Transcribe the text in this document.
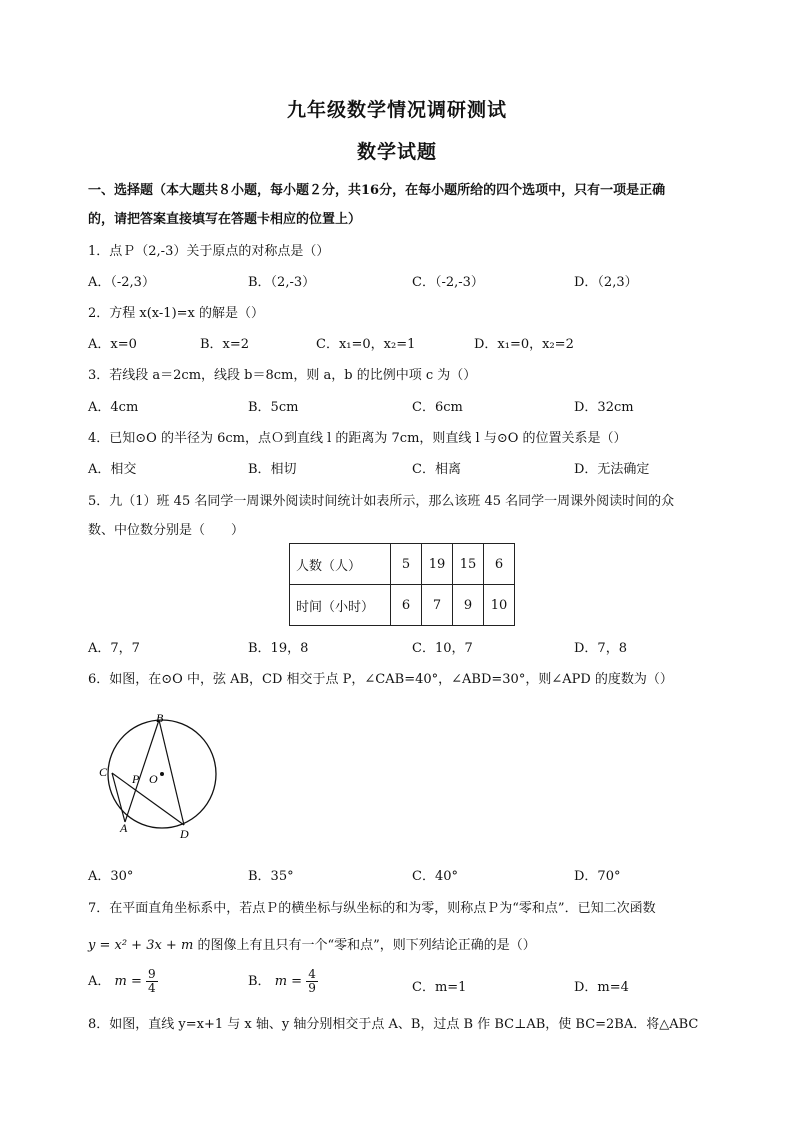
九年级数学情况调研测试
数学试题
一、选择题（本大题共８小题，每小题２分，共16分，在每小题所给的四个选项中，只有一项是正确
的，请把答案直接填写在答题卡相应的位置上）
1．点Ｐ（2,-3）关于原点的对称点是（）
A．（-2,3）	B．（2,-3）	C．（-2,-3）	D．（2,3）
2．方程 x(x-1)=x 的解是（）
A．x=0	B．x=2	C．x₁=0，x₂=1	D．x₁=0，x₂=2
3．若线段 a＝2cm，线段 b＝8cm，则 a，b 的比例中项 c 为（）
A．4cm	B．5cm	C．6cm	D．32cm
4．已知⊙O 的半径为 6cm，点Ｏ到直线 l 的距离为 7cm，则直线 l 与⊙O 的位置关系是（）
A．相交	B．相切	C．相离	D．无法确定
5．九（1）班 45 名同学一周课外阅读时间统计如表所示，那么该班 45 名同学一周课外阅读时间的众
数、中位数分别是（　　）
人数（人）	5	19	15	6
时间（小时）	6	7	9	10
A．7，7	B．19，8	C．10，7	D．7，8
6．如图，在⊙O 中，弦 AB，CD 相交于点 P，∠CAB=40°，∠ABD=30°，则∠APD 的度数为（）
B
C P O
A	D
A．30°	B．35°	C．40°	D．70°
7．在平面直角坐标系中，若点Ｐ的横坐标与纵坐标的和为零，则称点Ｐ为“零和点”．已知二次函数
y = x² + 3x + m 的图像上有且只有一个“零和点”，则下列结论正确的是（）
A． $m = \frac{9}{4}$	B． $m = \frac{4}{9}$	C．m=1	D．m=4
8．如图，直线 y=x+1 与 x 轴、y 轴分别相交于点 A、B，过点 B 作 BC⊥AB，使 BC=2BA．将△ABC
